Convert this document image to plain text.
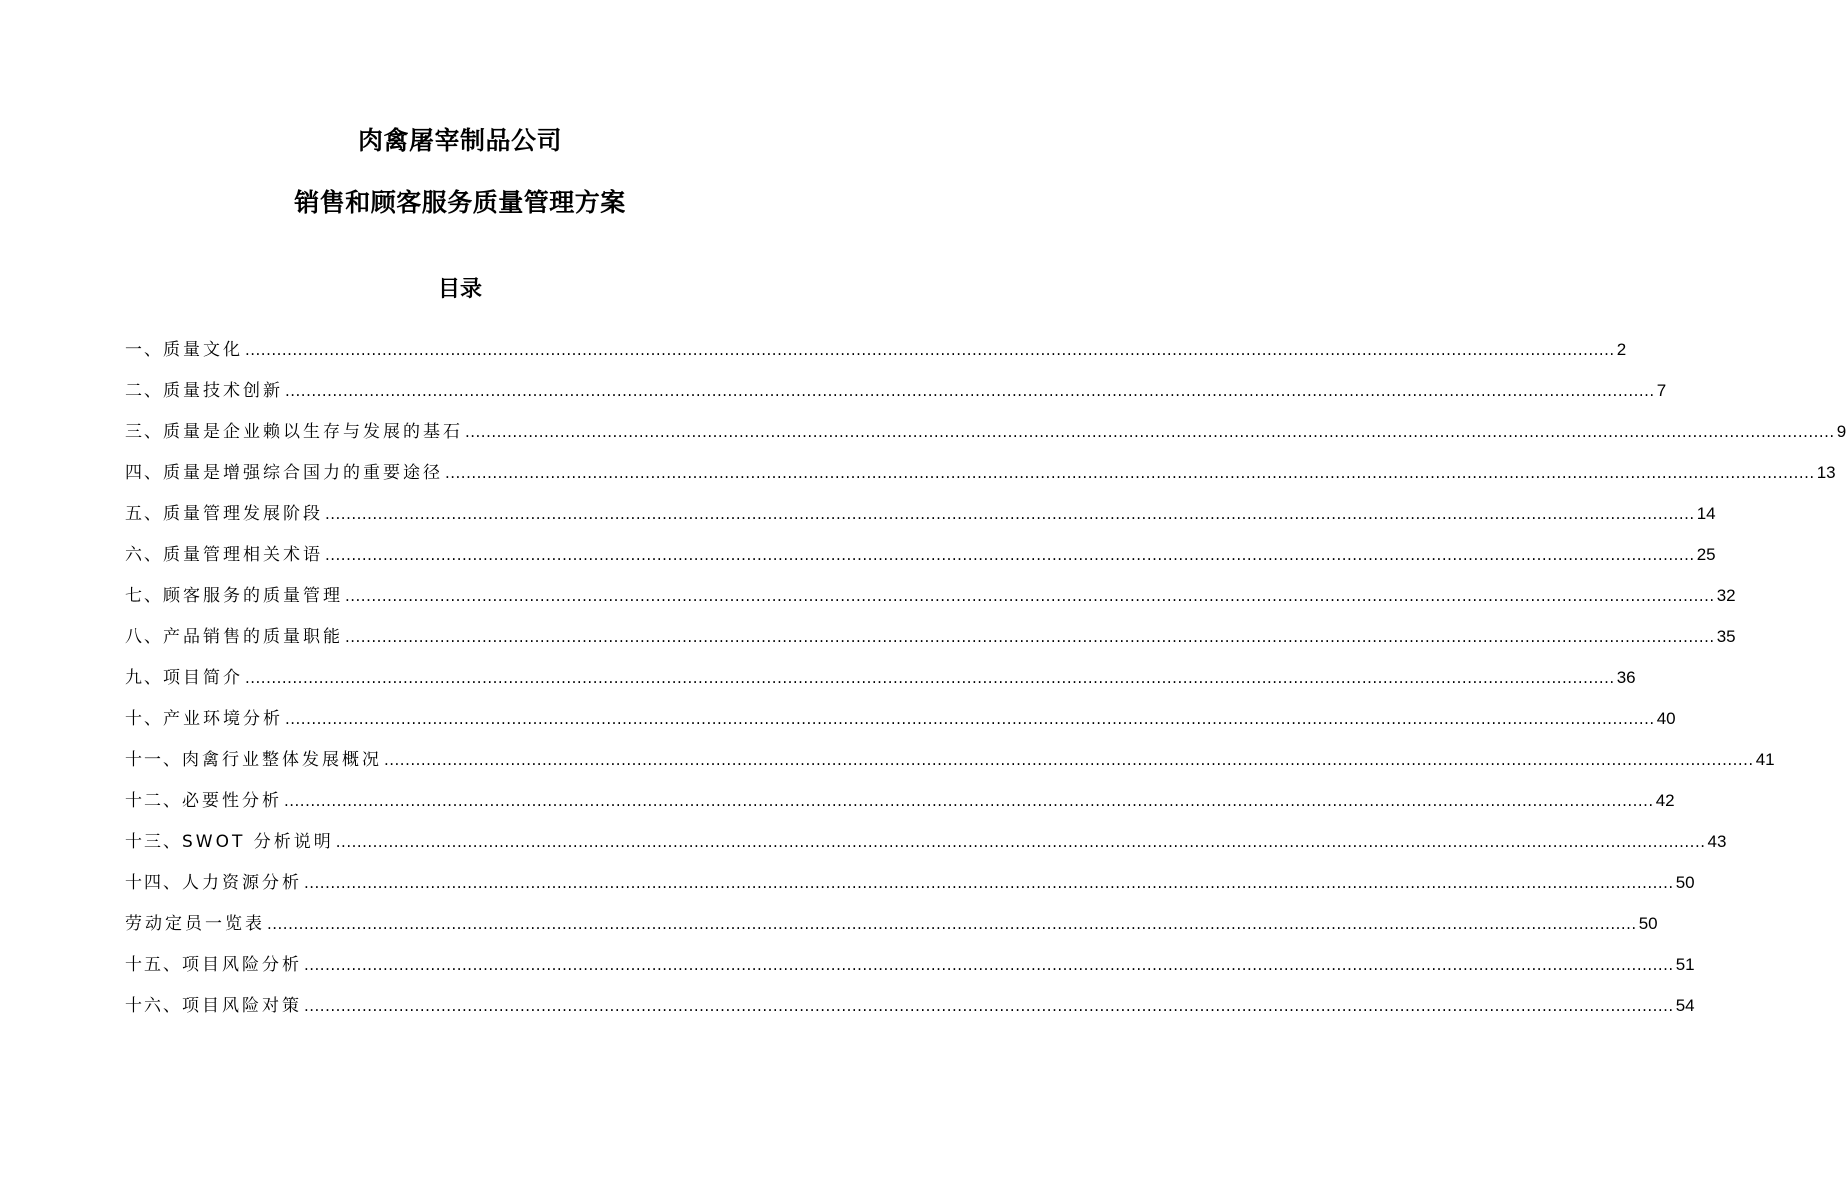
肉禽屠宰制品公司
销售和顾客服务质量管理方案
目录
一、 质量文化 .................................................................................................................................................................................................................................................................... 2
二、 质量技术创新 .................................................................................................................................................................................................................................................................... 7
三、 质量是企业赖以生存与发展的基石 .................................................................................................................................................................................................................................................................... 9
四、 质量是增强综合国力的重要途径 .................................................................................................................................................................................................................................................................... 13
五、 质量管理发展阶段 .................................................................................................................................................................................................................................................................... 14
六、 质量管理相关术语 .................................................................................................................................................................................................................................................................... 25
七、 顾客服务的质量管理 .................................................................................................................................................................................................................................................................... 32
八、 产品销售的质量职能 .................................................................................................................................................................................................................................................................... 35
九、 项目简介 .................................................................................................................................................................................................................................................................... 36
十、 产业环境分析 .................................................................................................................................................................................................................................................................... 40
十一、 肉禽行业整体发展概况 .................................................................................................................................................................................................................................................................... 41
十二、 必要性分析 .................................................................................................................................................................................................................................................................... 42
十三、 SWOT 分析说明 .................................................................................................................................................................................................................................................................... 43
十四、 人力资源分析 .................................................................................................................................................................................................................................................................... 50
劳动定员一览表 .................................................................................................................................................................................................................................................................... 50
十五、 项目风险分析 .................................................................................................................................................................................................................................................................... 51
十六、 项目风险对策 .................................................................................................................................................................................................................................................................... 54
